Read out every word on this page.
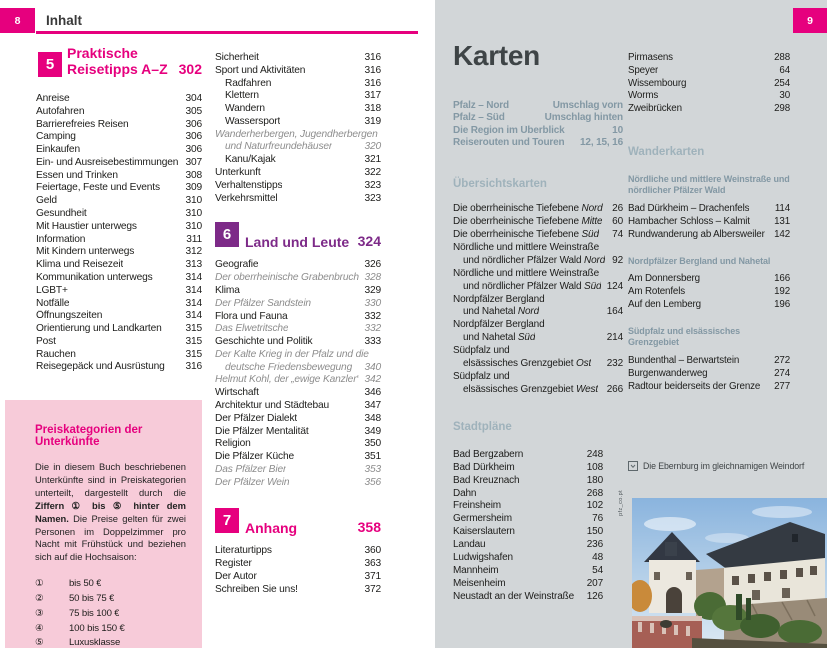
8 Inhalt
5
Praktische
Reisetipps A–Z 302
Anreise	304
Autofahren	305
Barrierefreies Reisen	306
Camping	306
Einkaufen	306
Ein- und Ausreisebestimmungen 307
Essen und Trinken	308
Feiertage, Feste und Events	309
Geld	310
Gesundheit	310
Mit Haustier unterwegs	310
Information	311
Mit Kindern unterwegs	312
Klima und Reisezeit	313
Kommunikation unterwegs	314
LGBT+	314
Notfälle	314
Öffnungszeiten	314
Orientierung und Landkarten	315
Post	315
Rauchen	315
Reisegepäck und Ausrüstung	316
Preiskategorien der Unterkünfte

Die in diesem Buch beschriebenen Unterkünfte sind in Preiskategorien unterteilt, dargestellt durch die Ziffern ① bis ⑤ hinter dem Namen. Die Preise gelten für zwei Personen im Doppelzimmer pro Nacht mit Frühstück und beziehen sich auf die Hochsaison:

①	bis 50 €
②	50 bis 75 €
③	75 bis 100 €
④	100 bis 150 €
⑤	Luxusklasse
Sicherheit	316
Sport und Aktivitäten	316
Radfahren	316
Klettern	317
Wandern	318
Wassersport	319
Wanderherbergen, Jugendherbergen
und Naturfreundehäuser	320
Kanu/Kajak	321
Unterkunft	322
Verhaltenstipps	323
Verkehrsmittel	323
6 Land und Leute 324
Geografie	326
Der oberrheinische Grabenbruch 328
Klima	329
Der Pfälzer Sandstein	330
Flora und Fauna	332
Das Elwetritsche	332
Geschichte und Politik	333
Der Kalte Krieg in der Pfalz und die
deutsche Friedensbewegung	340
Helmut Kohl, der „ewige Kanzler“ 342
Wirtschaft	346
Architektur und Städtebau	347
Der Pfälzer Dialekt	348
Die Pfälzer Mentalität	349
Religion	350
Die Pfälzer Küche	351
Das Pfälzer Bier	353
Der Pfälzer Wein	356
7 Anhang	358
Literaturtipps	360
Register	363
Der Autor	371
Schreiben Sie uns!	372
9
Karten
Pfalz – Nord	Umschlag vorn
Pfalz – Süd	Umschlag hinten
Die Region im Überblick	10
Reiserouten und Touren	12, 15, 16
Übersichtskarten
Die oberrheinische Tiefebene Nord 26
Die oberrheinische Tiefebene Mitte 60
Die oberrheinische Tiefebene Süd	74
Nördliche und mittlere Weinstraße
und nördlicher Pfälzer Wald Nord 92
Nördliche und mittlere Weinstraße
und nördlicher Pfälzer Wald Süd 124
Nordpfälzer Bergland
und Nahetal Nord	164
Nordpfälzer Bergland
und Nahetal Süd	214
Südpfalz und
elsässisches Grenzgebiet Ost	232
Südpfalz und
elsässisches Grenzgebiet West 266
Stadtpläne
Bad Bergzabern	248
Bad Dürkheim	108
Bad Kreuznach	180
Dahn	268
Freinsheim	102
Germersheim	76
Kaiserslautern	150
Landau	236
Ludwigshafen	48
Mannheim	54
Meisenheim	207
Neustadt an der Weinstraße	126
Pirmasens	288
Speyer	64
Wissembourg	254
Worms	30
Zweibrücken	298
Wanderkarten
Nördliche und mittlere Weinstraße und nördlicher Pfälzer Wald
Bad Dürkheim – Drachenfels	114
Hambacher Schloss – Kalmit	131
Rundwanderung ab Albersweiler 142
Nordpfälzer Bergland und Nahetal
Am Donnersberg	166
Am Rotenfels	192
Auf den Lemberg	196
Südpfalz und elsässisches Grenzgebiet
Bundenthal – Berwartstein	272
Burgenwanderweg	274
Radtour beiderseits der Grenze	277
Die Ebernburg im gleichnamigen Weindorf
pfz_co.pt
